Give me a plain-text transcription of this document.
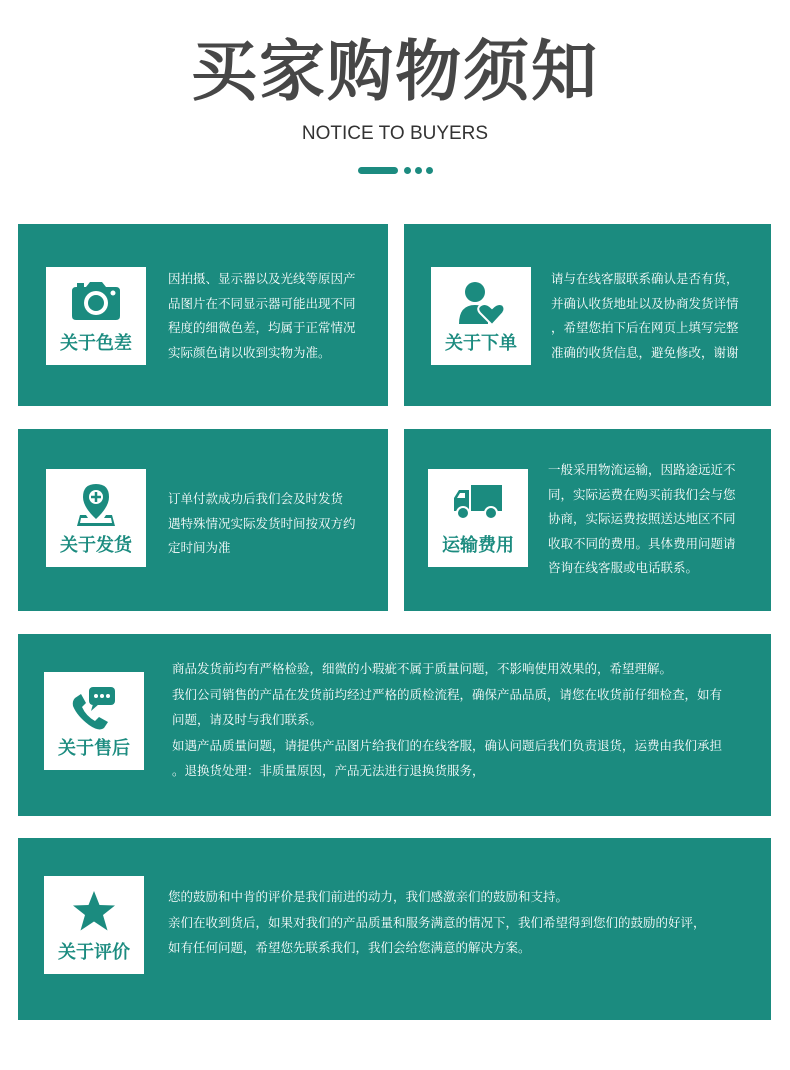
买家购物须知
NOTICE TO BUYERS
关于色差

因拍摄、显示器以及光线等原因产

品图片在不同显示器可能出现不同

程度的细微色差，均属于正常情况

实际颜色请以收到实物为准。	关于下单

请与在线客服联系确认是否有货，

并确认收货地址以及协商发货详情

，希望您拍下后在网页上填写完整

准确的收货信息，避免修改，谢谢

关于发货

订单付款成功后我们会及时发货

遇特殊情况实际发货时间按双方约

定时间为准	运输费用

一般采用物流运输，因路途远近不

同，实际运费在购买前我们会与您

协商，实际运费按照送达地区不同

收取不同的费用。具体费用问题请

咨询在线客服或电话联系。

关于售后

商品发货前均有严格检验，细微的小瑕疵不属于质量问题，不影响使用效果的，希望理解。

我们公司销售的产品在发货前均经过严格的质检流程，确保产品品质，请您在收货前仔细检查，如有

问题，请及时与我们联系。

如遇产品质量问题，请提供产品图片给我们的在线客服，确认问题后我们负责退货，运费由我们承担

。退换货处理：非质量原因，产品无法进行退换货服务，

关于评价

您的鼓励和中肯的评价是我们前进的动力，我们感激亲们的鼓励和支持。

亲们在收到货后，如果对我们的产品质量和服务满意的情况下，我们希望得到您们的鼓励的好评，

如有任何问题，希望您先联系我们，我们会给您满意的解决方案。
